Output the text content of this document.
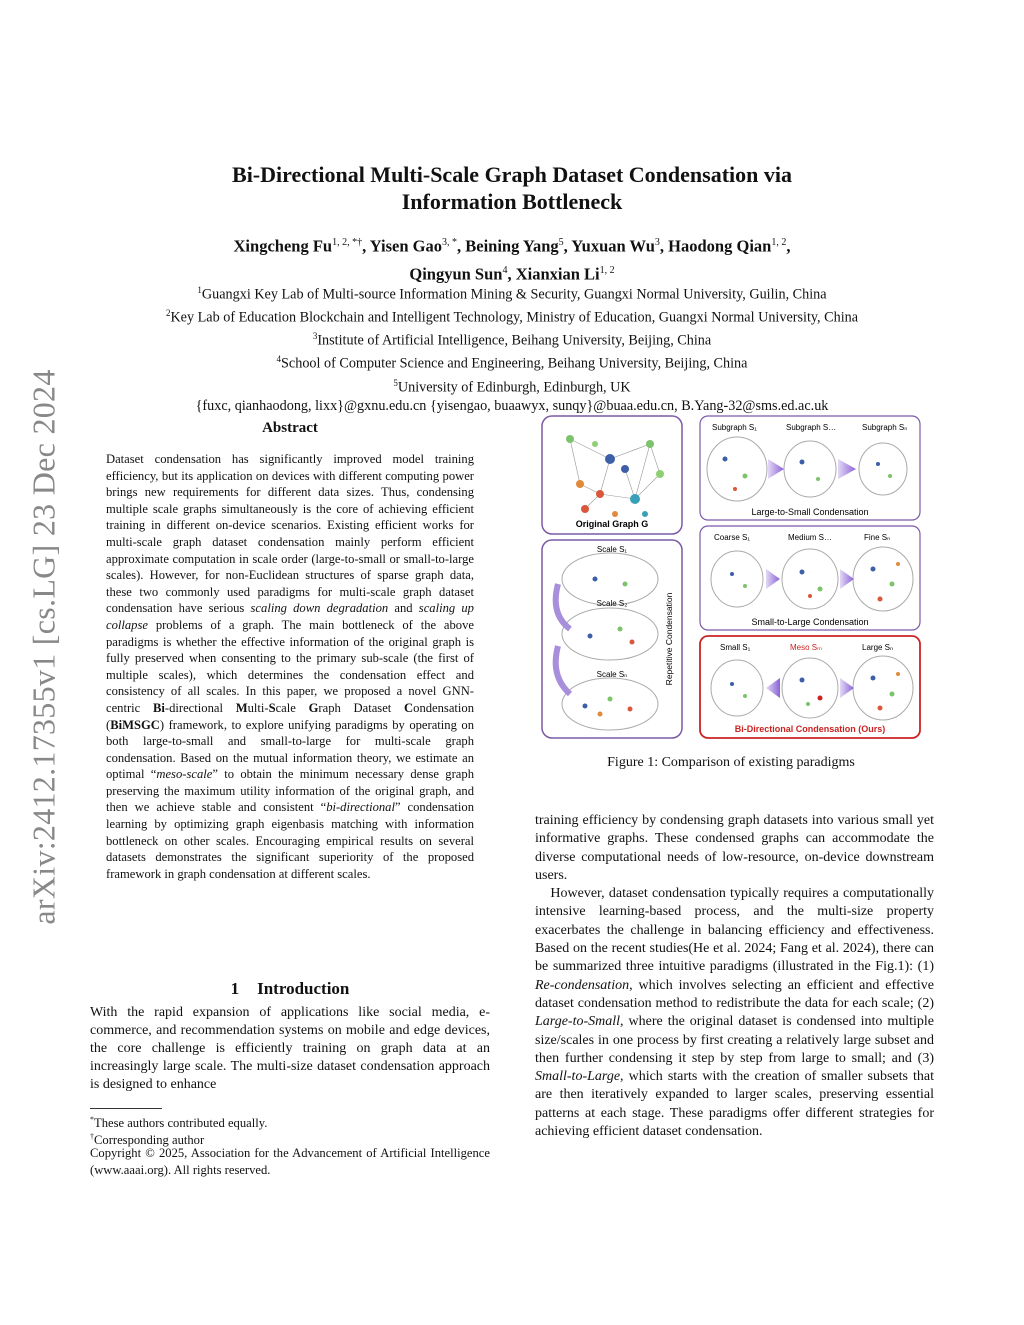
arXiv:2412.17355v1 [cs.LG] 23 Dec 2024
Bi-Directional Multi-Scale Graph Dataset Condensation via
Information Bottleneck
Xingcheng $Fu^{1, 2, *\dagger}$, Yisen Gao$^{3, *}$, Beining Yang$^5$, Yuxuan Wu$^3$, Haodong Qian$^{1, 2}$,
Qingyun Sun$^4$, Xianxian Li$^{1, 2}$
$^1$Guangxi Key Lab of Multi-source Information Mining & Security, Guangxi Normal University, Guilin, China
$^2$Key Lab of Education Blockchain and Intelligent Technology, Ministry of Education, Guangxi Normal University, China
$^3$Institute of Artificial Intelligence, Beihang University, Beijing, China
$^4$School of Computer Science and Engineering, Beihang University, Beijing, China
$^5$University of Edinburgh, Edinburgh, UK
{fuxc, qianhaodong, lixx}@gxnu.edu.cn {yisengao, buaawyx, sunqy}@buaa.edu.cn, B.Yang-32@sms.ed.ac.uk
Abstract
Dataset condensation has significantly improved model training efficiency, but its application on devices with different computing power brings new requirements for different data sizes. Thus, condensing multiple scale graphs simultaneously is the core of achieving efficient training in different on-device scenarios. Existing efficient works for multi-scale graph dataset condensation mainly perform efficient approximate computation in scale order (large-to-small or small-to-large scales). However, for non-Euclidean structures of sparse graph data, these two commonly used paradigms for multi-scale graph dataset condensation have serious scaling down degradation and scaling up collapse problems of a graph. The main bottleneck of the above paradigms is whether the effective information of the original graph is fully preserved when consenting to the primary sub-scale (the first of multiple scales), which determines the condensation effect and consistency of all scales. In this paper, we proposed a novel GNN-centric Bi-directional Multi-Scale Graph Dataset Condensation (BiMSGC) framework, to explore unifying paradigms by operating on both large-to-small and small-to-large for multi-scale graph condensation. Based on the mutual information theory, we estimate an optimal “meso-scale” to obtain the minimum necessary dense graph preserving the maximum utility information of the original graph, and then we achieve stable and consistent “bi-directional” condensation learning by optimizing graph eigenbasis matching with information bottleneck on other scales. Encouraging empirical results on several datasets demonstrates the significant superiority of the proposed framework in graph condensation at different scales.
1 Introduction

With the rapid expansion of applications like social media, e-commerce, and recommendation systems on mobile and edge devices, the core challenge is efficiently training on graph data at an increasingly large scale. The multi-size dataset condensation approach is designed to enhance

*These authors contributed equally.
†Corresponding author
Copyright © 2025, Association for the Advancement of Artificial Intelligence (www.aaai.org). All rights reserved.
Original Graph G
Scale S₁
Scale S₂
Scale Sₙ	Repetitive Condensation
Subgraph S₁	Subgraph S…	Subgraph Sₙ
Large-to-Small Condensation
Coarse S₁	Medium S…	Fine Sₙ
Small-to-Large Condensation
Small S₁	Meso Sₘ	Large Sₙ
Bi-Directional Condensation (Ours)
Figure 1: Comparison of existing paradigms

training efficiency by condensing graph datasets into various small yet informative graphs. These condensed graphs can accommodate the diverse computational needs of low-resource, on-device downstream users.

However, dataset condensation typically requires a computationally intensive learning-based process, and the multi-size property exacerbates the challenge in balancing efficiency and effectiveness. Based on the recent studies(He et al. 2024; Fang et al. 2024), there can be summarized three intuitive paradigms (illustrated in the Fig.1): (1) Re-condensation, which involves selecting an efficient and effective dataset condensation method to redistribute the data for each scale; (2) Large-to-Small, where the original dataset is condensed into multiple size/scales in one process by first creating a relatively large subset and then further condensing it step by step from large to small; and (3) Small-to-Large, which starts with the creation of smaller subsets that are then iteratively expanded to larger scales, preserving essential patterns at each stage. These paradigms offer different strategies for achieving efficient dataset condensation.
